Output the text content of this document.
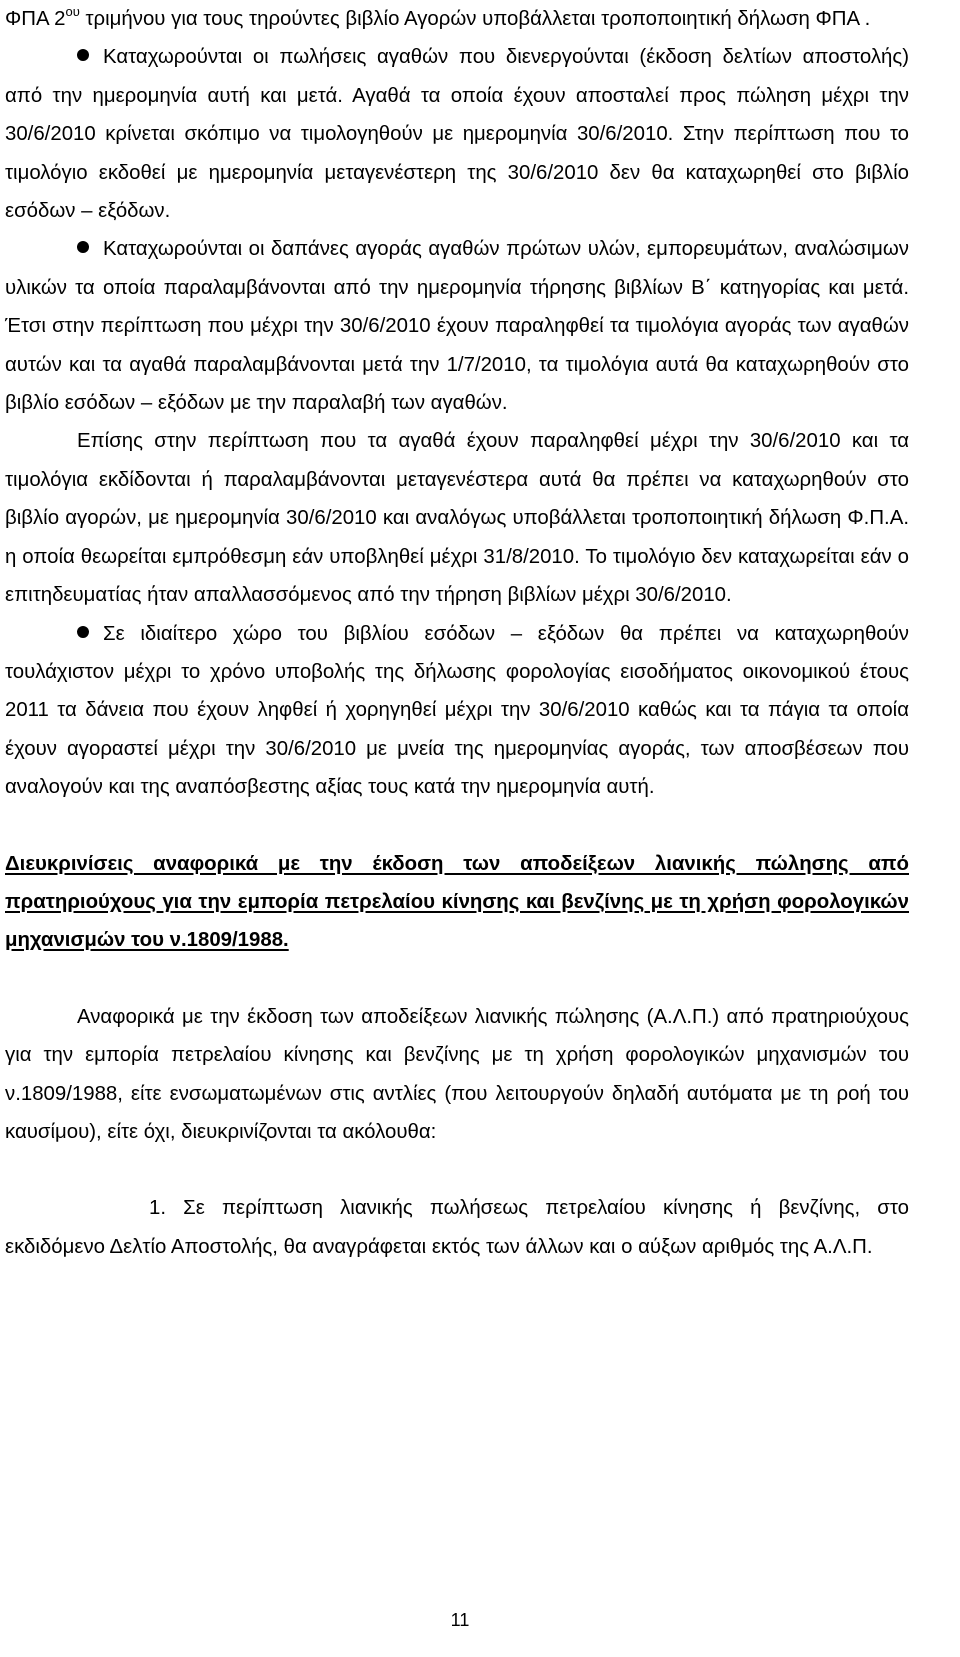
ΦΠΑ $2^{o\upsilon}$ τριμήνου για τους τηρούντες βιβλίο Αγορών υποβάλλεται τροποποιητική δήλωση ΦΠΑ .

Καταχωρούνται οι πωλήσεις αγαθών που διενεργούνται (έκδοση δελτίων αποστολής) από την ημερομηνία αυτή και μετά. Αγαθά τα οποία έχουν αποσταλεί προς πώληση μέχρι την 30/6/2010 κρίνεται σκόπιμο να τιμολογηθούν με ημερομηνία 30/6/2010. Στην περίπτωση που το τιμολόγιο εκδοθεί με ημερομηνία μεταγενέστερη της 30/6/2010 δεν θα καταχωρηθεί στο βιβλίο εσόδων – εξόδων.

Καταχωρούνται οι δαπάνες αγοράς αγαθών πρώτων υλών, εμπορευμάτων, αναλώσιμων υλικών τα οποία παραλαμβάνονται από την ημερομηνία τήρησης βιβλίων Β΄ κατηγορίας και μετά. Έτσι στην περίπτωση που μέχρι την 30/6/2010 έχουν παραληφθεί τα τιμολόγια αγοράς των αγαθών αυτών και τα αγαθά παραλαμβάνονται μετά την 1/7/2010, τα τιμολόγια αυτά θα καταχωρηθούν στο βιβλίο εσόδων – εξόδων με την παραλαβή των αγαθών.

Επίσης στην περίπτωση που τα αγαθά έχουν παραληφθεί μέχρι την 30/6/2010 και τα τιμολόγια εκδίδονται ή παραλαμβάνονται μεταγενέστερα αυτά θα πρέπει να καταχωρηθούν στο βιβλίο αγορών, με ημερομηνία 30/6/2010 και αναλόγως υποβάλλεται τροποποιητική δήλωση Φ.Π.Α. η οποία θεωρείται εμπρόθεσμη εάν υποβληθεί μέχρι 31/8/2010. Το τιμολόγιο δεν καταχωρείται εάν ο επιτηδευματίας ήταν απαλλασσόμενος από την τήρηση βιβλίων μέχρι 30/6/2010.

Σε ιδιαίτερο χώρο του βιβλίου εσόδων – εξόδων θα πρέπει να καταχωρηθούν τουλάχιστον μέχρι το χρόνο υποβολής της δήλωσης φορολογίας εισοδήματος οικονομικού έτους 2011 τα δάνεια που έχουν ληφθεί ή χορηγηθεί μέχρι την 30/6/2010 καθώς και τα πάγια τα οποία έχουν αγοραστεί μέχρι την 30/6/2010 με μνεία της ημερομηνίας αγοράς, των αποσβέσεων που αναλογούν και της αναπόσβεστης αξίας τους κατά την ημερομηνία αυτή.

Διευκρινίσεις αναφορικά με την έκδοση των αποδείξεων λιανικής πώλησης από πρατηριούχους για την εμπορία πετρελαίου κίνησης και βενζίνης με τη χρήση φορολογικών μηχανισμών του ν.1809/1988.

Αναφορικά με την έκδοση των αποδείξεων λιανικής πώλησης (Α.Λ.Π.) από πρατηριούχους για την εμπορία πετρελαίου κίνησης και βενζίνης με τη χρήση φορολογικών μηχανισμών του ν.1809/1988, είτε ενσωματωμένων στις αντλίες (που λειτουργούν δηλαδή αυτόματα με τη ροή του καυσίμου), είτε όχι, διευκρινίζονται τα ακόλουθα:

1. Σε περίπτωση λιανικής πωλήσεως πετρελαίου κίνησης ή βενζίνης, στο εκδιδόμενο Δελτίο Αποστολής, θα αναγράφεται εκτός των άλλων και ο αύξων αριθμός της Α.Λ.Π.

11
